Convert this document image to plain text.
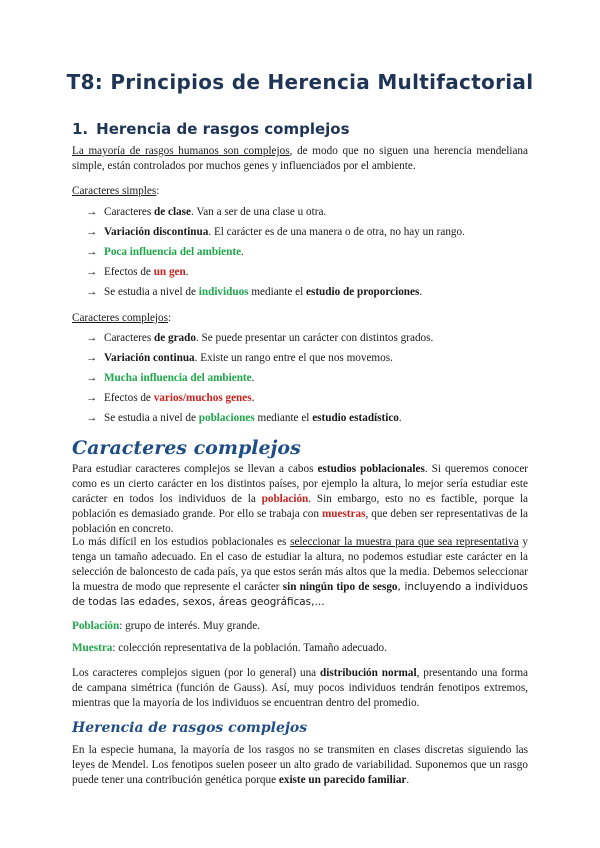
T8: Principios de Herencia Multifactorial
1. Herencia de rasgos complejos

La mayoría de rasgos humanos son complejos, de modo que no siguen una herencia mendeliana simple, están controlados por muchos genes y influenciados por el ambiente.

Caracteres simples:

→ Caracteres de clase. Van a ser de una clase u otra.
→ Variación discontinua. El carácter es de una manera o de otra, no hay un rango.
→ Poca influencia del ambiente.
→ Efectos de un gen.
→ Se estudia a nivel de individuos mediante el estudio de proporciones.

Caracteres complejos:

→ Caracteres de grado. Se puede presentar un carácter con distintos grados.
→ Variación continua. Existe un rango entre el que nos movemos.
→ Mucha influencia del ambiente.
→ Efectos de varios/muchos genes.
→ Se estudia a nivel de poblaciones mediante el estudio estadístico.
Caracteres complejos

Para estudiar caracteres complejos se llevan a cabos estudios poblacionales. Si queremos conocer como es un cierto carácter en los distintos países, por ejemplo la altura, lo mejor sería estudiar este carácter en todos los individuos de la población. Sin embargo, esto no es factible, porque la población es demasiado grande. Por ello se trabaja con muestras, que deben ser representativas de la población en concreto.

Lo más difícil en los estudios poblacionales es seleccionar la muestra para que sea representativa y tenga un tamaño adecuado. En el caso de estudiar la altura, no podemos estudiar este carácter en la selección de baloncesto de cada país, ya que estos serán más altos que la media. Debemos seleccionar la muestra de modo que represente el carácter sin ningún tipo de sesgo, incluyendo a individuos de todas las edades, sexos, áreas geográficas,…

Población: grupo de interés. Muy grande.

Muestra: colección representativa de la población. Tamaño adecuado.

Los caracteres complejos siguen (por lo general) una distribución normal, presentando una forma de campana simétrica (función de Gauss). Así, muy pocos individuos tendrán fenotipos extremos, mientras que la mayoría de los individuos se encuentran dentro del promedio.

Herencia de rasgos complejos

En la especie humana, la mayoría de los rasgos no se transmiten en clases discretas siguiendo las leyes de Mendel. Los fenotipos suelen poseer un alto grado de variabilidad. Suponemos que un rasgo puede tener una contribución genética porque existe un parecido familiar.
